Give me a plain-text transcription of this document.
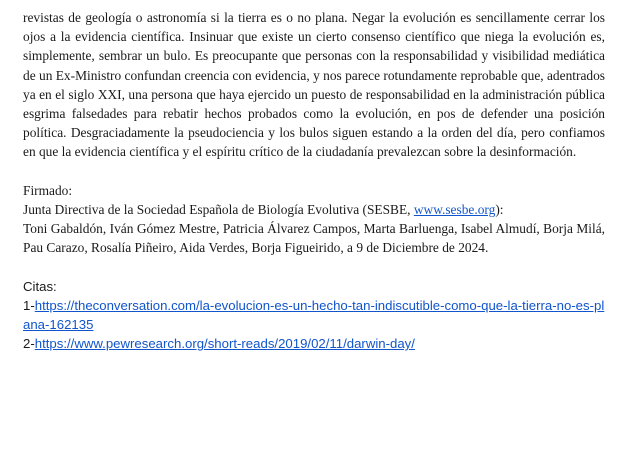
revistas de geología o astronomía si la tierra es o no plana. Negar la evolución es sencillamente cerrar los ojos a la evidencia científica. Insinuar que existe un cierto consenso científico que niega la evolución es, simplemente, sembrar un bulo. Es preocupante que personas con la responsabilidad y visibilidad mediática de un Ex-Ministro confundan creencia con evidencia, y nos parece rotundamente reprobable que, adentrados ya en el siglo XXI, una persona que haya ejercido un puesto de responsabilidad en la administración pública esgrima falsedades para rebatir hechos probados como la evolución, en pos de defender una posición política. Desgraciadamente la pseudociencia y los bulos siguen estando a la orden del día, pero confiamos en que la evidencia científica y el espíritu crítico de la ciudadanía prevalezcan sobre la desinformación.

Firmado:

Junta Directiva de la Sociedad Española de Biología Evolutiva (SESBE, www.sesbe.org):

Toni Gabaldón, Iván Gómez Mestre, Patricia Álvarez Campos, Marta Barluenga, Isabel Almudí, Borja Milá, Pau Carazo, Rosalía Piñeiro, Aida Verdes, Borja Figueirido, a 9 de Diciembre de 2024.

Citas:

1-https://theconversation.com/la-evolucion-es-un-hecho-tan-indiscutible-como-que-la-tierra-no-es-plana-162135

2-https://www.pewresearch.org/short-reads/2019/02/11/darwin-day/
